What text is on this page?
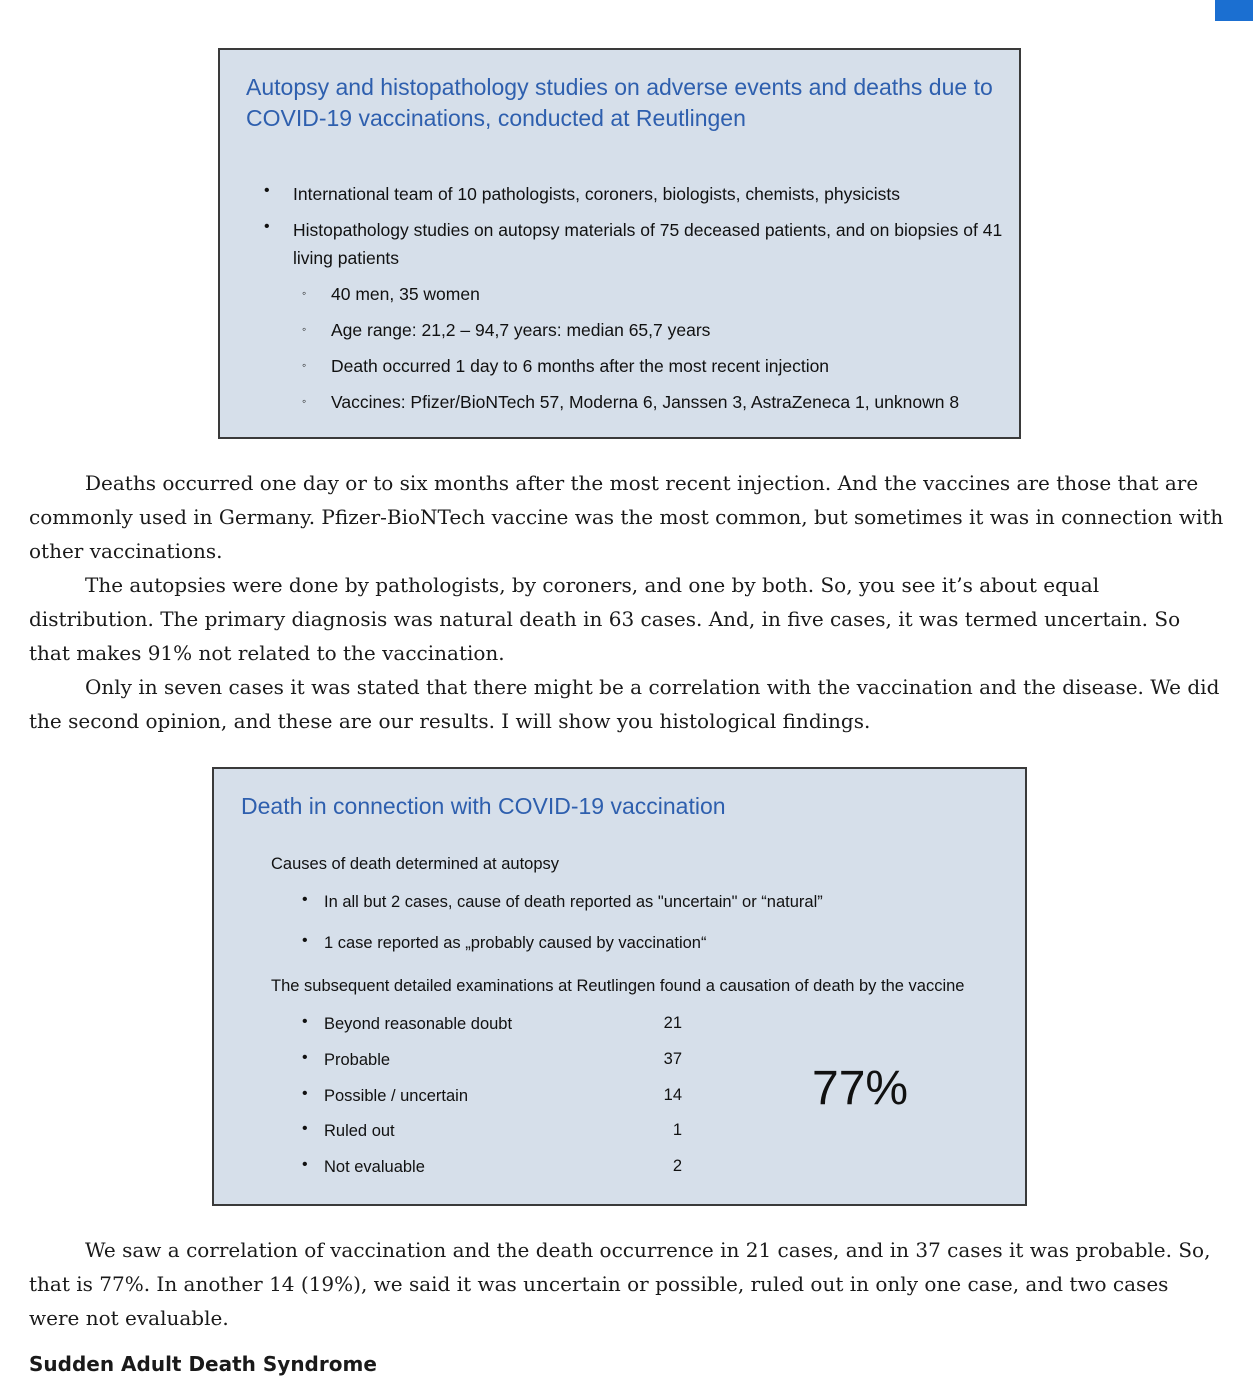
Autopsy and histopathology studies on adverse events and deaths due to COVID-19 vaccinations, conducted at Reutlingen
• International team of 10 pathologists, coroners, biologists, chemists, physicists
• Histopathology studies on autopsy materials of 75 deceased patients, and on biopsies of 41 living patients
◦ 40 men, 35 women
◦ Age range: 21,2 – 94,7 years: median 65,7 years
◦ Death occurred 1 day to 6 months after the most recent injection
◦ Vaccines: Pfizer/BioNTech 57, Moderna 6, Janssen 3, AstraZeneca 1, unknown 8

Deaths occurred one day or to six months after the most recent injection. And the vaccines are those that are commonly used in Germany. Pfizer-BioNTech vaccine was the most common, but sometimes it was in connection with other vaccinations.

The autopsies were done by pathologists, by coroners, and one by both. So, you see it’s about equal distribution. The primary diagnosis was natural death in 63 cases. And, in five cases, it was termed uncertain. So that makes 91% not related to the vaccination.

Only in seven cases it was stated that there might be a correlation with the vaccination and the disease. We did the second opinion, and these are our results. I will show you histological findings.

Death in connection with COVID-19 vaccination
Causes of death determined at autopsy
• In all but 2 cases, cause of death reported as "uncertain" or “natural”
• 1 case reported as „probably caused by vaccination“
The subsequent detailed examinations at Reutlingen found a causation of death by the vaccine
• Beyond reasonable doubt	21
• Probable	37
• Possible / uncertain	14
• Ruled out	1
• Not evaluable	2
77%

We saw a correlation of vaccination and the death occurrence in 21 cases, and in 37 cases it was probable. So, that is 77%. In another 14 (19%), we said it was uncertain or possible, ruled out in only one case, and two cases were not evaluable.

Sudden Adult Death Syndrome
